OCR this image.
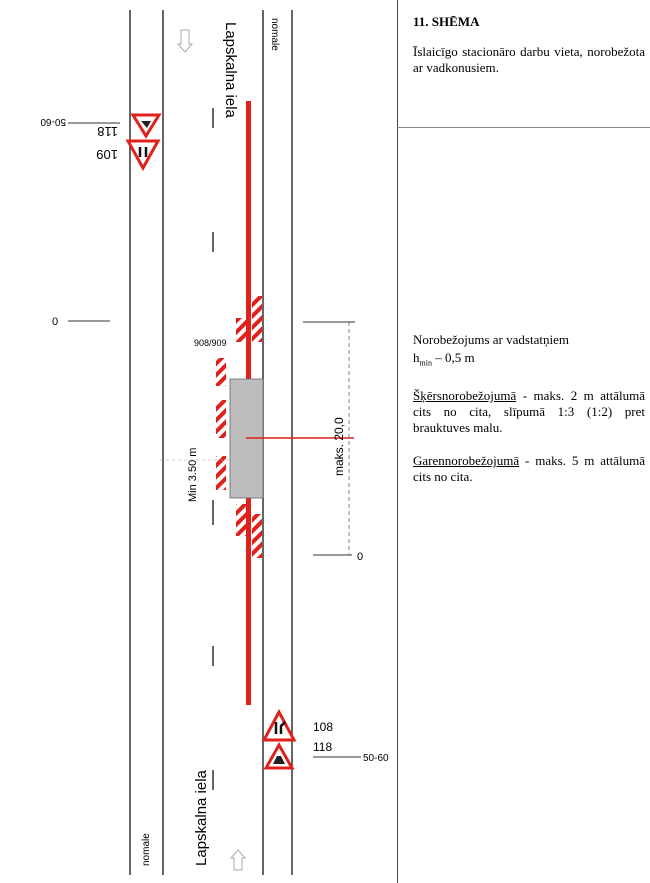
Lapskalna iela
Lapskalna iela
nomale
nomale
0
50-60
118
109
108
118
50-60
0
908/909
Min 3.50 m	maks. 20,0
11. SHĒMA
Īslaicīgo stacionāro darbu vieta, norobežota ar vadkonusiem.
Norobežojums ar vadstatņiem
$h_{min} - 0,5$ m
Šķērsnorobežojumā - maks. 2 m attālumā cits no cita, slīpumā 1:3 (1:2) pret brauktuves malu.
Garennorobežojumā - maks. 5 m attālumā cits no cita.
